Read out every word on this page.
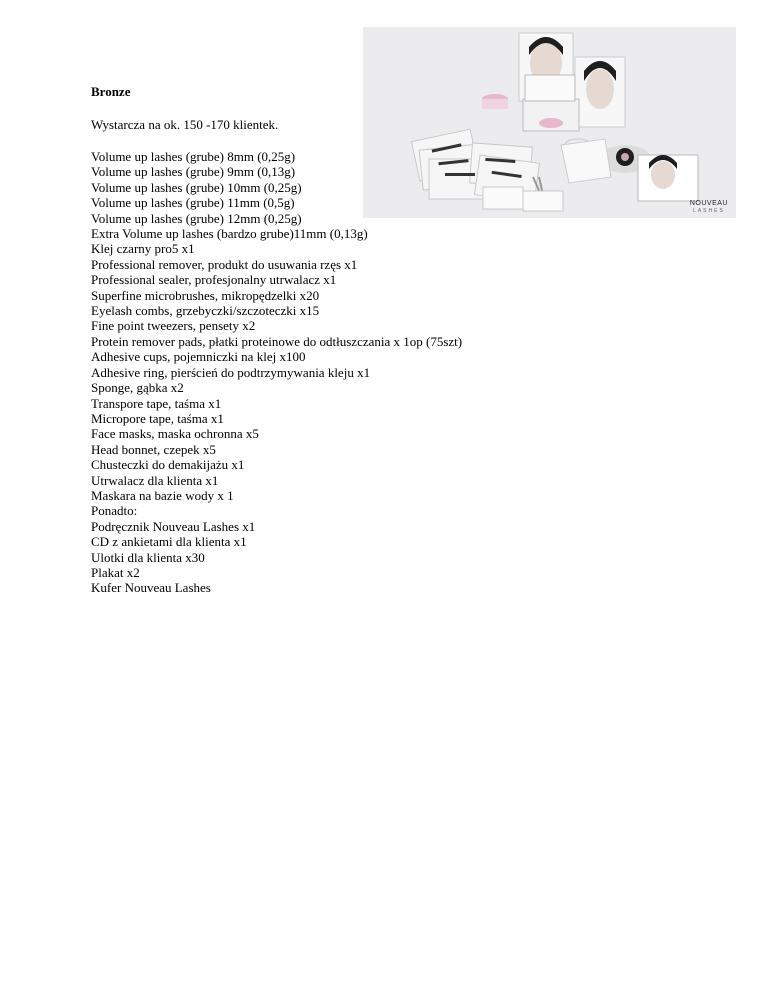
Bronze
Wystarcza na ok. 150 -170 klientek.
Volume up lashes (grube) 8mm (0,25g)
Volume up lashes (grube) 9mm (0,13g)
Volume up lashes (grube) 10mm (0,25g)
Volume up lashes (grube) 11mm (0,5g)
Volume up lashes (grube) 12mm (0,25g)
Extra Volume up lashes (bardzo grube)11mm (0,13g)
Klej czarny pro5 x1
Professional remover, produkt do usuwania rzęs x1
Professional sealer, profesjonalny utrwalacz x1
Superfine microbrushes, mikropędzelki x20
Eyelash combs, grzebyczki/szczoteczki x15
Fine point tweezers, pensety x2
Protein remover pads, płatki proteinowe do odtłuszczania x 1op (75szt)
Adhesive cups, pojemniczki na klej x100
Adhesive ring, pierścień do podtrzymywania kleju x1
Sponge, gąbka x2
Transpore tape, taśma x1
Micropore tape, taśma x1
Face masks, maska ochronna x5
Head bonnet, czepek x5
Chusteczki do demakijażu x1
Utrwalacz dla klienta x1
Maskara na bazie wody x 1
Ponadto:
Podręcznik Nouveau Lashes x1
CD z ankietami dla klienta x1
Ulotki dla klienta x30
Plakat x2
Kufer Nouveau Lashes
NOUVEAU
LASHES
